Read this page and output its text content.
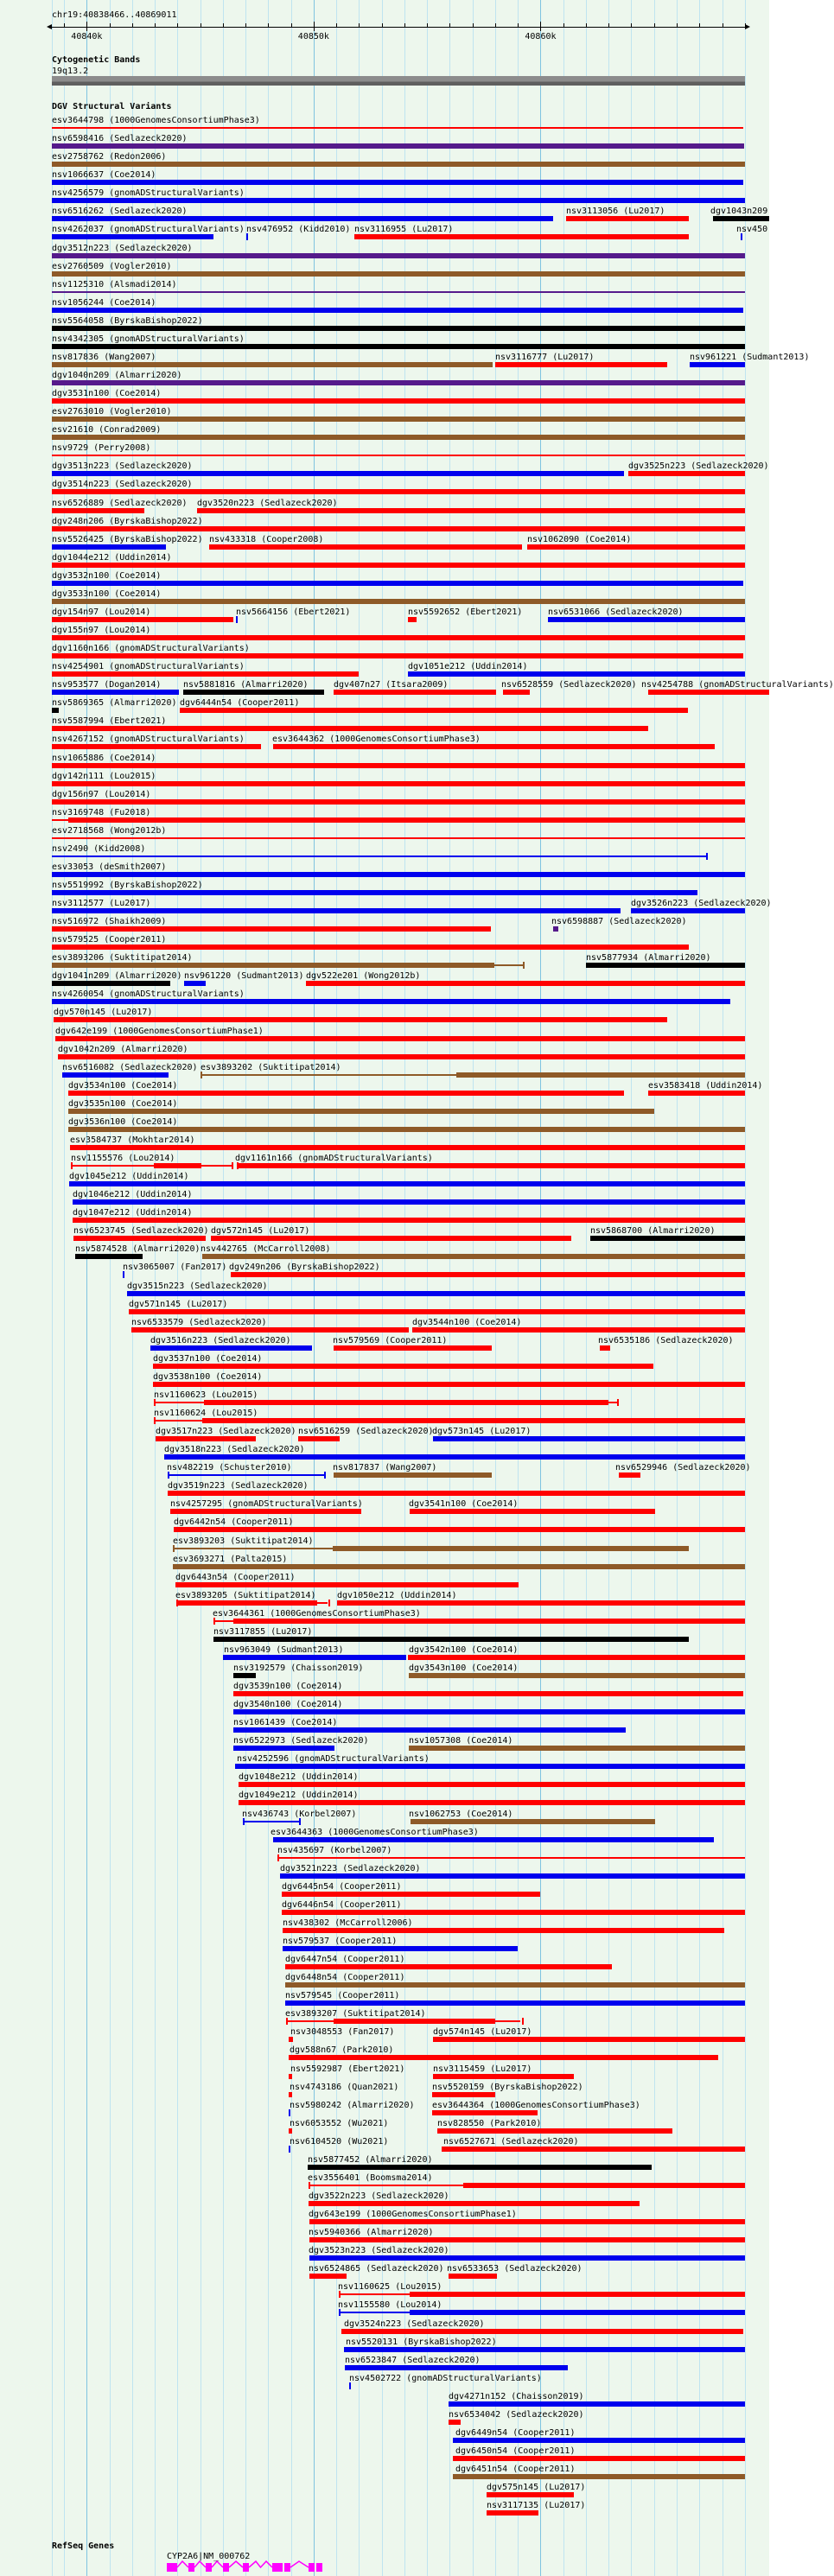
chr19:40838466..40869011
40840k	40850k	40860k
Cytogenetic Bands
19q13.2
DGV Structural Variants
esv3644798 (1000GenomesConsortiumPhase3)
nsv6598416 (Sedlazeck2020)
esv2758762 (Redon2006)
nsv1066637 (Coe2014)
nsv4256579 (gnomADStructuralVariants)
nsv6516262 (Sedlazeck2020)	nsv3113056 (Lu2017)	dgv1043n209
nsv4262037 (gnomADStructuralVariants) nsv476952 (Kidd2010) nsv3116955 (Lu2017)	nsv450
dgv3512n223 (Sedlazeck2020)
esv2760509 (Vogler2010)
nsv1125310 (Alsmadi2014)
nsv1056244 (Coe2014)
nsv5564058 (ByrskaBishop2022)
nsv4342305 (gnomADStructuralVariants)
nsv817836 (Wang2007)	nsv3116777 (Lu2017)	nsv961221 (Sudmant2013)
dgv1040n209 (Almarri2020)
dgv3531n100 (Coe2014)
esv2763010 (Vogler2010)
esv21610 (Conrad2009)
nsv9729 (Perry2008)
dgv3513n223 (Sedlazeck2020)	dgv3525n223 (Sedlazeck2020)
dgv3514n223 (Sedlazeck2020)
nsv6526889 (Sedlazeck2020) dgv3520n223 (Sedlazeck2020)
dgv248n206 (ByrskaBishop2022)
nsv5526425 (ByrskaBishop2022) nsv433318 (Cooper2008)	nsv1062090 (Coe2014)
dgv1044e212 (Uddin2014)
dgv3532n100 (Coe2014)
dgv3533n100 (Coe2014)
dgv154n97 (Lou2014)	nsv5664156 (Ebert2021)	nsv5592652 (Ebert2021)	nsv6531066 (Sedlazeck2020)
dgv155n97 (Lou2014)
dgv1160n166 (gnomADStructuralVariants)
nsv4254901 (gnomADStructuralVariants)	dgv1051e212 (Uddin2014)
nsv953577 (Dogan2014)	nsv5881816 (Almarri2020)	dgv407n27 (Itsara2009)	nsv6528559 (Sedlazeck2020) nsv4254788 (gnomADStructuralVariants)
nsv5869365 (Almarri2020) dgv6444n54 (Cooper2011)
nsv5587994 (Ebert2021)
nsv4267152 (gnomADStructuralVariants)	esv3644362 (1000GenomesConsortiumPhase3)
nsv1065886 (Coe2014)
dgv142n111 (Lou2015)
dgv156n97 (Lou2014)
nsv3169748 (Fu2018)
esv2718568 (Wong2012b)
nsv2490 (Kidd2008)
esv33053 (deSmith2007)
nsv5519992 (ByrskaBishop2022)
nsv3112577 (Lu2017)	dgv3526n223 (Sedlazeck2020)
nsv516972 (Shaikh2009)	nsv6598887 (Sedlazeck2020)
nsv579525 (Cooper2011)
esv3893206 (Suktitipat2014)	nsv5877934 (Almarri2020)
dgv1041n209 (Almarri2020) nsv961220 (Sudmant2013) dgv522e201 (Wong2012b)
nsv4260054 (gnomADStructuralVariants)
dgv570n145 (Lu2017)
dgv642e199 (1000GenomesConsortiumPhase1)
dgv1042n209 (Almarri2020)
nsv6516082 (Sedlazeck2020) esv3893202 (Suktitipat2014)
dgv3534n100 (Coe2014)	esv3583418 (Uddin2014)
dgv3535n100 (Coe2014)
dgv3536n100 (Coe2014)
esv3584737 (Mokhtar2014)
nsv1155576 (Lou2014)	dgv1161n166 (gnomADStructuralVariants)
dgv1045e212 (Uddin2014)
dgv1046e212 (Uddin2014)
dgv1047e212 (Uddin2014)
nsv6523745 (Sedlazeck2020) dgv572n145 (Lu2017)	nsv5868700 (Almarri2020)
nsv5874528 (Almarri2020) nsv442765 (McCarroll2008)
nsv3065007 (Fan2017) dgv249n206 (ByrskaBishop2022)
dgv3515n223 (Sedlazeck2020)
dgv571n145 (Lu2017)
nsv6533579 (Sedlazeck2020)	dgv3544n100 (Coe2014)
dgv3516n223 (Sedlazeck2020)	nsv579569 (Cooper2011)	nsv6535186 (Sedlazeck2020)
dgv3537n100 (Coe2014)
dgv3538n100 (Coe2014)
nsv1160623 (Lou2015)
nsv1160624 (Lou2015)
dgv3517n223 (Sedlazeck2020) nsv6516259 (Sedlazeck2020)
dgv573n145 (Lu2017)
dgv3518n223 (Sedlazeck2020)
nsv482219 (Schuster2010)	nsv817837 (Wang2007)	nsv6529946 (Sedlazeck2020)
dgv3519n223 (Sedlazeck2020)
nsv4257295 (gnomADStructuralVariants)	dgv3541n100 (Coe2014)
dgv6442n54 (Cooper2011)
esv3893203 (Suktitipat2014)
esv3693271 (Palta2015)
dgv6443n54 (Cooper2011)
esv3893205 (Suktitipat2014) dgv1050e212 (Uddin2014)
esv3644361 (1000GenomesConsortiumPhase3)
nsv3117855 (Lu2017)
nsv963049 (Sudmant2013)	dgv3542n100 (Coe2014)
nsv3192579 (Chaisson2019)	dgv3543n100 (Coe2014)
dgv3539n100 (Coe2014)
dgv3540n100 (Coe2014)
nsv1061439 (Coe2014)
nsv6522973 (Sedlazeck2020)	nsv1057308 (Coe2014)
nsv4252596 (gnomADStructuralVariants)
dgv1048e212 (Uddin2014)
dgv1049e212 (Uddin2014)
nsv436743 (Korbel2007)	nsv1062753 (Coe2014)
esv3644363 (1000GenomesConsortiumPhase3)
nsv435697 (Korbel2007)
dgv3521n223 (Sedlazeck2020)
dgv6445n54 (Cooper2011)
dgv6446n54 (Cooper2011)
nsv438302 (McCarroll2006)
nsv579537 (Cooper2011)
dgv6447n54 (Cooper2011)
dgv6448n54 (Cooper2011)
nsv579545 (Cooper2011)
esv3893207 (Suktitipat2014)
nsv3048553 (Fan2017)	dgv574n145 (Lu2017)
dgv588n67 (Park2010)
nsv5592987 (Ebert2021)	nsv3115459 (Lu2017)
nsv4743186 (Quan2021)	nsv5520159 (ByrskaBishop2022)
nsv5980242 (Almarri2020) esv3644364 (1000GenomesConsortiumPhase3)
nsv6053552 (Wu2021)	nsv828550 (Park2010)
nsv6104520 (Wu2021)	nsv6527671 (Sedlazeck2020)
nsv5877452 (Almarri2020)
esv3556401 (Boomsma2014)
dgv3522n223 (Sedlazeck2020)
dgv643e199 (1000GenomesConsortiumPhase1)
nsv5940366 (Almarri2020)
dgv3523n223 (Sedlazeck2020)
nsv6524865 (Sedlazeck2020) nsv6533653 (Sedlazeck2020)
nsv1160625 (Lou2015)
nsv1155580 (Lou2014)
dgv3524n223 (Sedlazeck2020)
nsv5520131 (ByrskaBishop2022)
nsv6523847 (Sedlazeck2020)
nsv4502722 (gnomADStructuralVariants)
dgv4271n152 (Chaisson2019)
nsv6534042 (Sedlazeck2020)
dgv6449n54 (Cooper2011)
dgv6450n54 (Cooper2011)
dgv6451n54 (Cooper2011)
dgv575n145 (Lu2017)
nsv3117135 (Lu2017)
RefSeq Genes
CYP2A6|NM_000762
